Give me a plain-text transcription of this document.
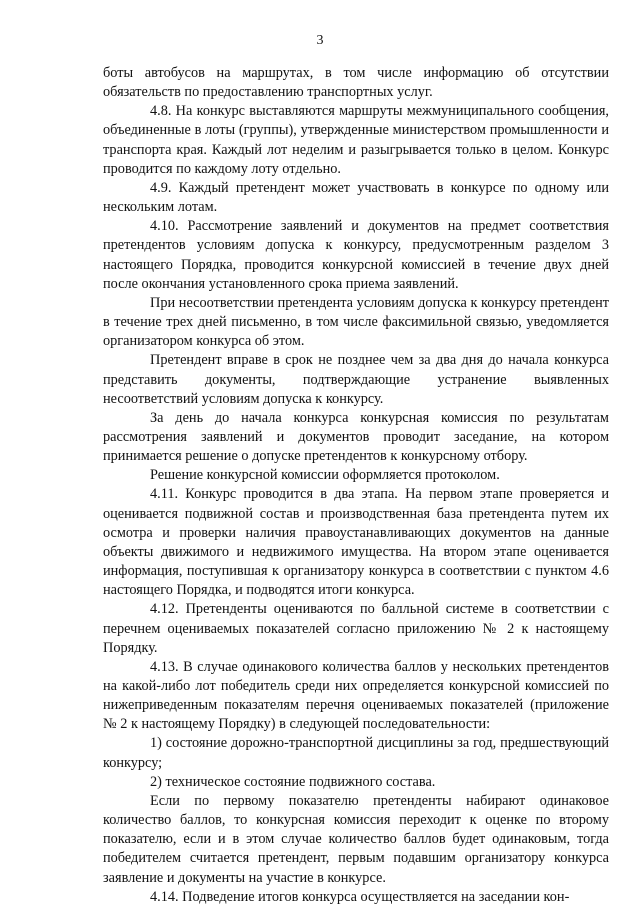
3

боты автобусов на маршрутах, в том числе информацию об отсутствии обязательств по предоставлению транспортных услуг.

4.8. На конкурс выставляются маршруты межмуниципального сообщения, объединенные в лоты (группы), утвержденные министерством промышленности и транспорта края. Каждый лот неделим и разыгрывается только в целом. Конкурс проводится по каждому лоту отдельно.

4.9. Каждый претендент может участвовать в конкурсе по одному или нескольким лотам.

4.10. Рассмотрение заявлений и документов на предмет соответствия претендентов условиям допуска к конкурсу, предусмотренным разделом 3 настоящего Порядка, проводится конкурсной комиссией в течение двух дней после окончания установленного срока приема заявлений.

При несоответствии претендента условиям допуска к конкурсу претендент в течение трех дней письменно, в том числе факсимильной связью, уведомляется организатором конкурса об этом.

Претендент вправе в срок не позднее чем за два дня до начала конкурса представить документы, подтверждающие устранение выявленных несоответствий условиям допуска к конкурсу.

За день до начала конкурса конкурсная комиссия по результатам рассмотрения заявлений и документов проводит заседание, на котором принимается решение о допуске претендентов к конкурсному отбору.

Решение конкурсной комиссии оформляется протоколом.

4.11. Конкурс проводится в два этапа. На первом этапе проверяется и оценивается подвижной состав и производственная база претендента путем их осмотра и проверки наличия правоустанавливающих документов на данные объекты движимого и недвижимого имущества. На втором этапе оценивается информация, поступившая к организатору конкурса в соответствии с пунктом 4.6 настоящего Порядка, и подводятся итоги конкурса.

4.12. Претенденты оцениваются по балльной системе в соответствии с перечнем оцениваемых показателей согласно приложению № 2 к настоящему Порядку.

4.13. В случае одинакового количества баллов у нескольких претендентов на какой-либо лот победитель среди них определяется конкурсной комиссией по нижеприведенным показателям перечня оцениваемых показателей (приложение № 2 к настоящему Порядку) в следующей последовательности:

1) состояние дорожно-транспортной дисциплины за год, предшествующий конкурсу;

2) техническое состояние подвижного состава.

Если по первому показателю претенденты набирают одинаковое количество баллов, то конкурсная комиссия переходит к оценке по второму показателю, если и в этом случае количество баллов будет одинаковым, тогда победителем считается претендент, первым подавшим организатору конкурса заявление и документы на участие в конкурсе.

4.14. Подведение итогов конкурса осуществляется на заседании кон-
